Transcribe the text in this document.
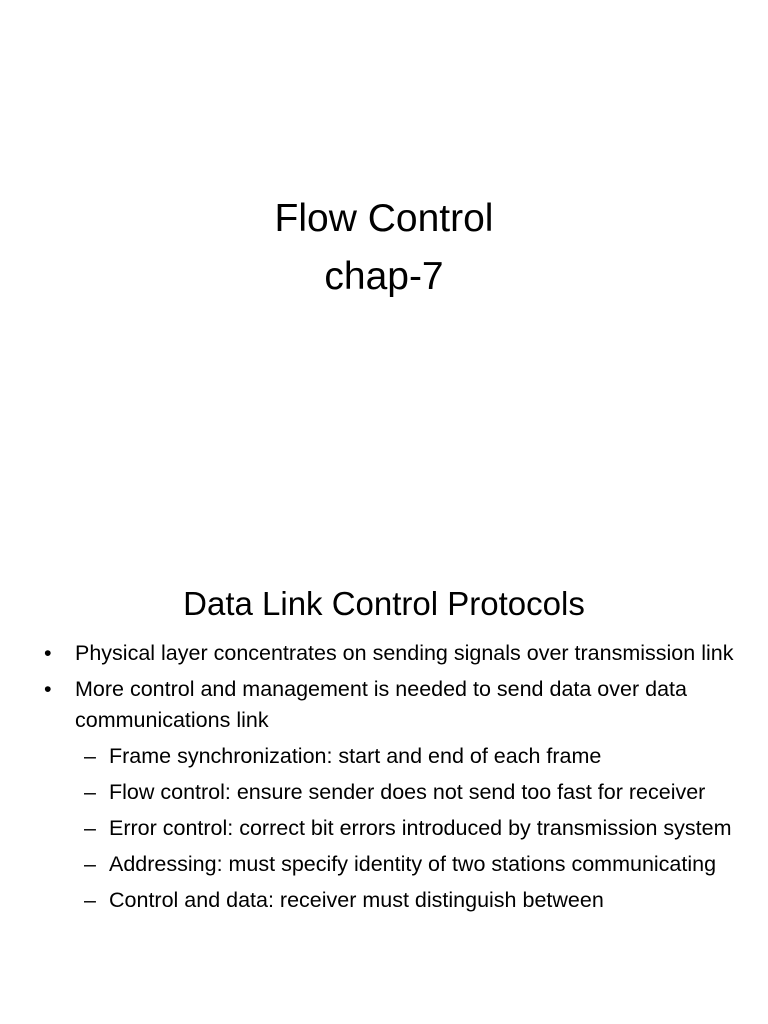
Flow Control
chap-7
Data Link Control Protocols
• Physical layer concentrates on sending signals over transmission link
• More control and management is needed to send data over data communications link
– Frame synchronization: start and end of each frame
– Flow control: ensure sender does not send too fast for receiver
– Error control: correct bit errors introduced by transmission system
– Addressing: must specify identity of two stations communicating
– Control and data: receiver must distinguish between
